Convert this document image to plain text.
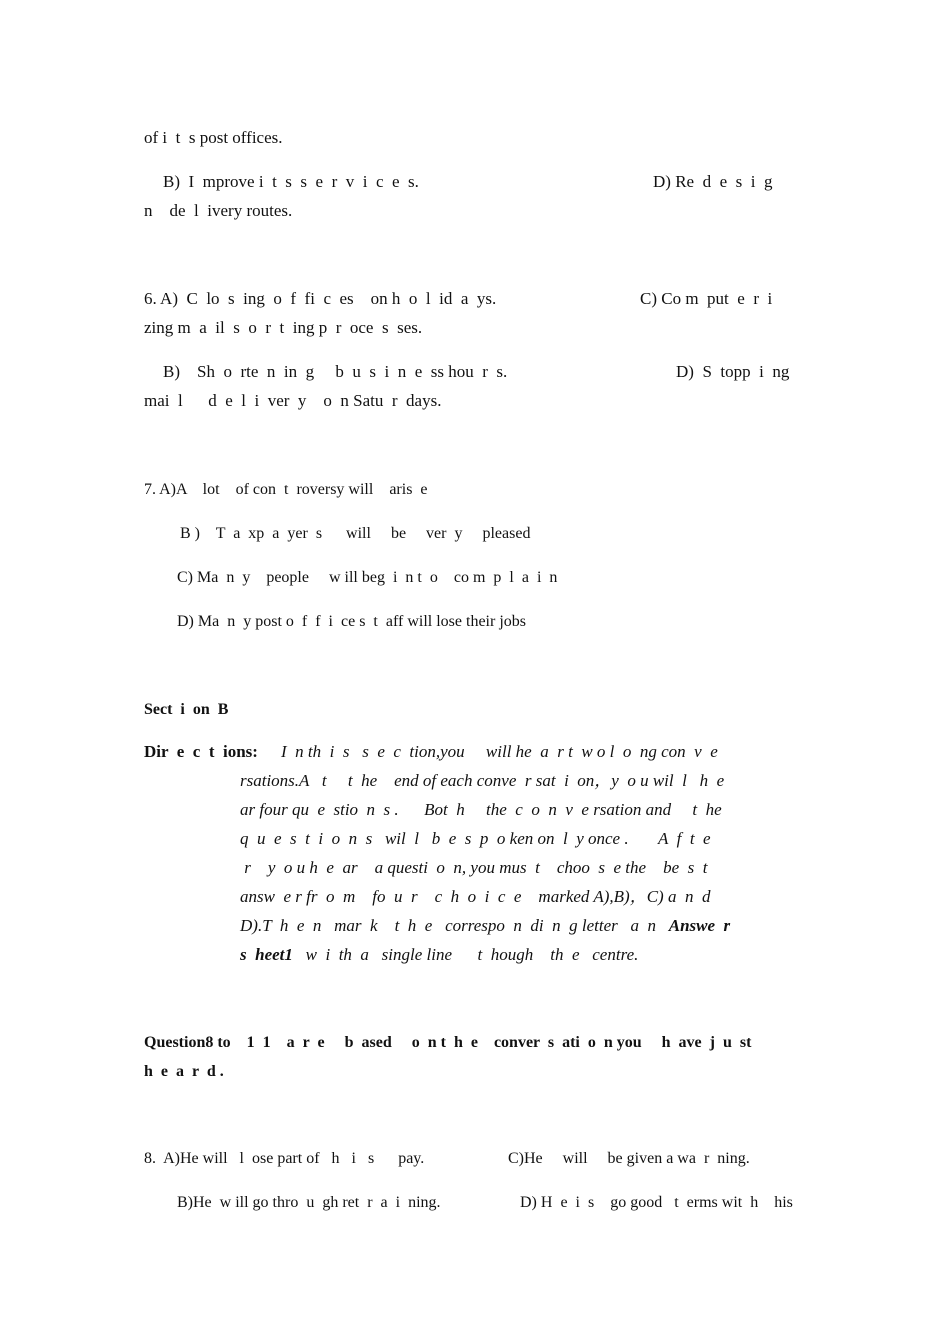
of i  t  s post offices.
B)  I  mprove i  t  s  s  e  r  v  i  c  e  s.	D) Re  d  e  s  i  g
n    de  l  ivery routes.
6. A)  C  lo  s  ing  o  f  fi  c  es    on h  o  l  id  a  ys.	C) Co m  put  e  r  i
zing m  a  il  s  o  r  t  ing p  r  oce  s  ses.
B)    Sh  o  rte  n  in  g     b  u  s  i  n  e  ss hou  r  s.	D)  S  topp  i  ng
mai  l      d  e  l  i  ver  y    o  n Satu  r  days.
7. A)A    lot    of con  t  roversy will    aris  e
B )    T  a  xp  a  yer  s      will     be     ver  y     pleased
C) Ma  n  y    people     w ill beg  i  n t  o    co m  p  l  a  i  n
D) Ma  n  y post o  f  f  i  ce s  t  aff will lose their jobs
Sect  i  on  B
Dir  e  c  t  ions: I  n th  i  s   s  e  c  tion,you     will he  a  r t  w o l  o  ng con  v  e
rsations.A   t     t  he    end of each conve  r sat  i  on，y  o u wil  l   h  e
ar four qu  e  stio  n  s .      Bot  h     the  c  o  n  v  e rsation and     t  he
q  u  e  s  t  i  o  n  s   wil  l   b  e  s  p  o ken on  l  y once .       A  f  t  e
r    y  o u h  e  ar    a questi  o  n, you mus  t    choo  s  e the    be  s  t
answ  e r fr  o  m    fo  u  r    c  h  o  i  c  e    marked A),B)，C) a  n  d
D).T  h  e  n   mar  k    t  h  e   correspo  n  di  n  g letter   a  n Answe  r
s  heet1   w  i  th  a   single line      t  hough    th  e   centre.
Question8 to    1  1    a  r  e     b  ased     o  n t  h  e    conver  s  ati  o  n you     h  ave  j  u  st
h  e  a  r  d .
8.  A)He will   l  ose part of   h   i   s      pay.	C)He     will     be given a wa  r  ning.
B)He  w ill go thro  u  gh ret  r  a  i  ning.	D) H  e  i  s    go good   t  erms wit  h    his
